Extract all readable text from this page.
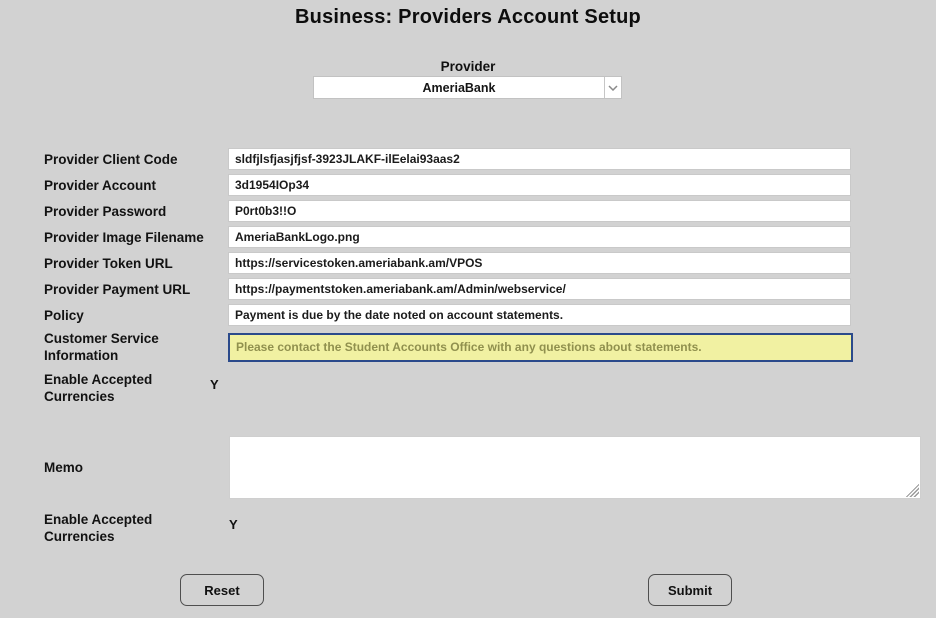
Business: Providers Account Setup
Provider
AmeriaBank
Provider Client Code
sldfjlsfjasjfjsf-3923JLAKF-ilEelai93aas2
Provider Account
3d1954IOp34
Provider Password
P0rt0b3!!O
Provider Image Filename
AmeriaBankLogo.png
Provider Token URL
https://servicestoken.ameriabank.am/VPOS
Provider Payment URL
https://paymentstoken.ameriabank.am/Admin/webservice/
Policy
Payment is due by the date noted on account statements.
Customer Service Information
Please contact the Student Accounts Office with any questions about statements.
Enable Accepted Currencies
Y
Memo
Enable Accepted Currencies
Y
Reset	Submit
